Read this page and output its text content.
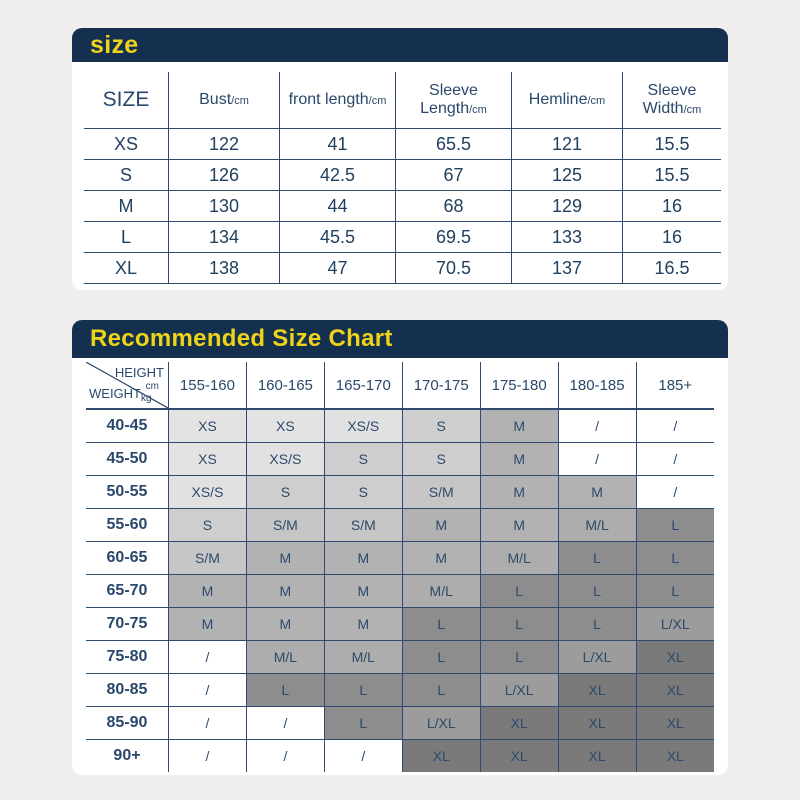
size
SIZE	Bust/cm	front length/cm	Sleeve Length/cm	Hemline/cm	Sleeve Width/cm
XS	122	41	65.5	121	15.5
S	126	42.5	67	125	15.5
M	130	44	68	129	16
L	134	45.5	69.5	133	16
XL	138	47	70.5	137	16.5
Recommended Size Chart
HEIGHT
cm
$WEIGHT_{kg}$	155-160	160-165	165-170	170-175	175-180	180-185	185+
40-45	XS	XS	XS/S	S	M	/	/
45-50	XS	XS/S	S	S	M	/	/
50-55	XS/S	S	S	S/M	M	M	/
55-60	S	S/M	S/M	M	M	M/L	L
60-65	S/M	M	M	M	M/L	L	L
65-70	M	M	M	M/L	L	L	L
70-75	M	M	M	L	L	L	L/XL
75-80	/	M/L	M/L	L	L	L/XL	XL
80-85	/	L	L	L	L/XL	XL	XL
85-90	/	/	L	L/XL	XL	XL	XL
90+	/	/	/	XL	XL	XL	XL
